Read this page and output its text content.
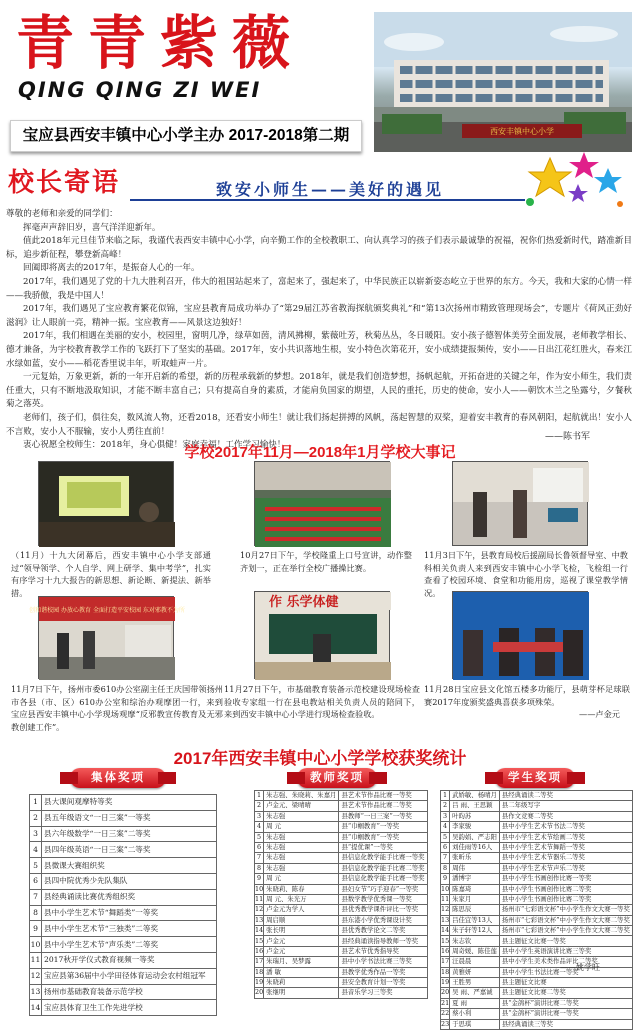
青青紫薇
QING QING ZI WEI
宝应县西安丰镇中心小学主办 2017-2018第二期	西安丰镇中心小学
校长寄语	致安小师生——美好的遇见

尊敬的老师和亲爱的同学们：

挥毫声声辞旧岁，喜气洋洋迎新年。

值此2018年元旦佳节来临之际，我谨代表西安丰镇中心小学，向辛勤工作的全校教职工、向认真学习的孩子们表示最诚挚的祝福，祝你们热爱新时代，踏准新目标，追步新征程，攀登新高峰！

回阖即将离去的2017年，是振奋人心的一年。

2017年，我们遇见了党的十九大胜利召开，伟大的祖国站起来了，富起来了，强起来了，中华民族正以崭新姿态屹立于世界的东方。今天，我和大家的心情一样——我骄傲，我是中国人！

2017年，我们遇见了宝应教育繁花似锦，宝应县教育局成功举办了“第29届江苏省教海探航颁奖典礼”和“第13次扬州市精致管理现场会”，专题片《荷风正劲好滋润》让人眼前一亮，精神一振。宝应教育——风景这边独好！

2017年，我们相遇在美丽的安小，校园里，窗明几净，绿草如茵，清风拂柳，紫薇吐芳，秋菊丛丛，冬日暖阳。安小孩子德智体美劳全面发展，老师教学相长、德才兼备，为宇校教育教学工作的飞跃打下了坚实的基础。2017年，安小共识落地生根，安小特色次第花开，安小成绩捷报频传，安小——日出江花红胜火，春来江水绿如蓝，安小——稻花香里说丰年，听取蛙声一片。

一元复始，万象更新，新的一年开启新的希望，新的历程承载新的梦想。2018年，就是我们创造梦想，扬帆起航，开拓奋进的关键之年，作为安小师生，我们责任重大，只有不断地汲取知识，才能不断丰富自己；只有提高自身的素质，才能肩负国家的期望，人民的重托，历史的使命，安小人——朝饮木兰之坠露兮，夕餐秋菊之落英。

老师们，孩子们，俱往矣，数风流人物，还看2018，还看安小师生！就让我们扬起拼搏的风帆，荡起智慧的双桨，迎着安丰教育的春风朝阳，起航就出！安小人不言败，安小人不服输，安小人勇往直前！

衷心祝愿全校师生：2018年，身心俱健！家庭幸福！工作学习愉快！

——陈书军
学校2017年11月—2018年1月学校大事记
（11月）十九大闭幕后，西安丰镇中心小学支部通过“领导领学、个人自学、网上研学、集中考学”，扎实有序学习十九大报告的新思想、新论断、新提法、新举措。
10月27日下午，学校隆重上口号宣讲，动作整齐划一，正在举行全校广播操比赛。
11月3日下午，县教育局校后援副局长鲁领督导室、中教科相关负责人来到西安丰镇中心小学飞检，飞检组一行查看了校园环境、食堂和功能用房，巡视了课堂教学情况。
创和谐校园 办放心教育 全面打造平安校园 东对邪教不为所
作 乐学体健
11月7日下午，扬州市委610办公室副主任王庆国带领扬州市各县（市、区）610办公室和综治办观摩团一行，来到宝应县西安丰镇中心小学现场观摩“反邪教宣传教育及无邪教创建工作”。
11月27日下午，市基础教育装备示范校建设现场检查验收专家组一行在县电教站相关负责人员的陪同下，来到西安丰镇中心小学进行现场检查验收。
11月28日宝应县文化馆五楼多功能厅，县萌芽杯足球联赛2017年度颁奖盛典喜获多项殊荣。
——卢金元
2017年西安丰镇中心小学学校获奖统计
集体奖项	教师奖项	学生奖项
1	县大课间观摩特等奖
2	县五年级语文“一日三案”一等奖
3	县六年级数学“一日三案”二等奖
4	县四年级英语“一日三案”二等奖
5	县微课大赛组织奖
6	县四中院优秀少先队集队
7	县经典诵读比赛优秀组织奖
8	县中小学生艺术节“舞蹈类”一等奖
9	县中小学生艺术节“三独类”二等奖
10	县中小学生艺术节“声乐类”二等奖
11	2017秋开学仪式教育视频一等奖
12	宝应县第36届中小学田径体育运动会农村组冠军
13	扬州市基础教育装备示范学校
14	宝应县体育卫生工作先进学校
1	朱志强、朱晓莉、朱嘉月	县艺术节作品比赛一等奖
2	卢金元、梁晴晴	县艺术节作品比赛二等奖
3	朱志强	县教师“一日三案”一等奖
4	周 元	县“巾帼教育”一等奖
5	朱志强	县“巾帼教育”一等奖
6	朱志强	县“提优课”一等奖
7	朱志强	县信息化教学能手比赛一等奖
8	朱志强	县信息化教学能手比赛二等奖
9	周 元	县信息化教学能手比赛一等奖
10	朱晓莉、陈春	县妇女节“巧手迎春”一等奖
11	周 元、朱光万	县数学教学优秀课一等奖
12	卢金元为学人	县优秀教学课件评比一等奖
13	周启顺	县东港小学优秀课设计奖
14	张长明	县优秀教学论文二等奖
15	卢金元	县经典诵读指导教师一等奖
16	卢金元	县艺术节优秀指导奖
17	朱瑞月、吴梦露	县中小学书法比赛三等奖
18	潘 敏	县教学优秀作品一等奖
19	朱晓莉	县安全教育计划一等奖
20	张继明	县音乐学习三等奖
1	武娇敏、杨晴月	县经典诵读二等奖
2	吕 雨、王思颖	县二年级写字
3	叶昀苏	县作文竞赛二等奖
4	李家骏	县中小学生艺术节书法二等奖
5	吴韵娟、严志阳	县中小学生艺术节绘画二等奖
6	刘佳雨等16人	县中小学生艺术节舞蹈一等奖
7	张昕乐	县中小学生艺术节器乐二等奖
8	周伟	县中小学生艺术节声乐二等奖
9	潘博宇	县中小学生书画创作比赛一等奖
10	陈嘉琦	县中小学生书画创作比赛二等奖
11	朱家月	县中小学生书画创作比赛二等奖
12	陈思辰	扬州市“七彩语文杯”中小学生作文大赛一等奖
13	吕佳宜等13人	扬州市“七彩语文杯”中小学生作文大赛二等奖
14	朱子轩等12人	扬州市“七彩语文杯”中小学生作文大赛二等奖
15	朱志钦	县主题征文比赛一等奖
16	周奇媛、陈佳莲	县中小学生英语演讲比赛三等奖
17	汪晨晨	县中小学生美术类作品评比二等奖
18	黄雅妍	县中小学生书法比赛一等奖
19	王胜男	县主题征文比赛
20	吴 雨、严嘉诚	县主题征文比赛二等奖
21	夏 雨	县“金鸽杯”演讲比赛二等奖
22	蔡小利	县“金鸽杯”演讲比赛一等奖
23	于思琪	县经典诵读三等奖
——姚学旺
